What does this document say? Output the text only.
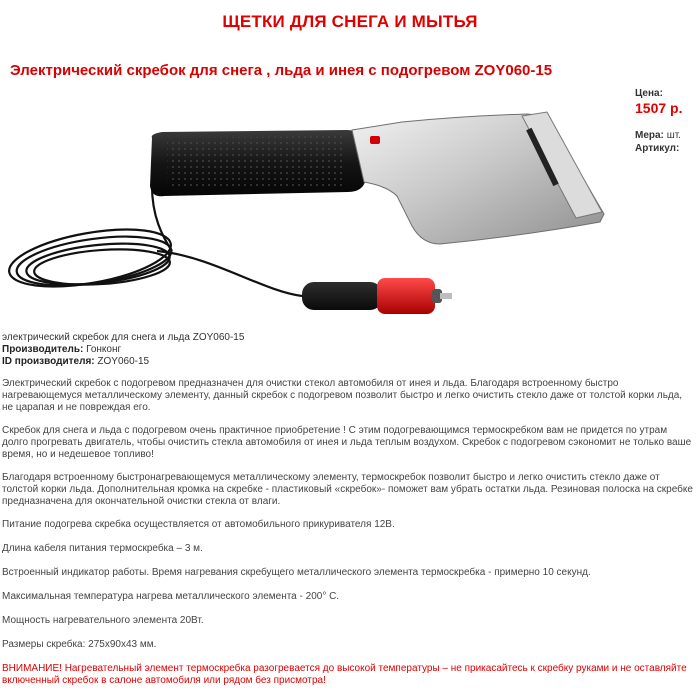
ЩЕТКИ ДЛЯ СНЕГА И МЫТЬЯ
Электрический скребок для снега , льда и инея с подогревом ZOY060-15
Цена:
1507 р.
Мера: шт.
Артикул:
электрический скребок для снега и льда ZOY060-15
Производитель: Гонконг
ID производителя: ZOY060-15

Электрический скребок с подогревом предназначен для очистки стекол автомобиля от инея и льда. Благодаря встроенному быстро нагревающемуся металлическому элементу, данный скребок с подогревом позволит быстро и легко очистить стекло даже от толстой корки льда, не царапая и не повреждая его.

Скребок для снега и льда с подогревом очень практичное приобретение ! С этим подогревающимся термоскребком вам не придется по утрам долго прогревать двигатель, чтобы очистить стекла автомобиля от инея и льда теплым воздухом. Скребок с подогревом сэкономит не только ваше время, но и недешевое топливо!

Благодаря встроенному быстронагревающемуся металлическому элементу, термоскребок позволит быстро и легко очистить стекло даже от толстой корки льда. Дополнительная кромка на скребке - пластиковый «скребок»- поможет вам убрать остатки льда. Резиновая полоска на скребке предназначена для окончательной очистки стекла от влаги.

Питание подогрева скребка осуществляется от автомобильного прикуривателя 12В.

Длина кабеля питания термоскребка – 3 м.

Встроенный индикатор работы. Время нагревания скребущего металлического элемента термоскребка - примерно 10 секунд.

Максимальная температура нагрева металлического элемента - 200° С.

Мощность нагревательного элемента 20Вт.

Размеры скребка: 275х90х43 мм.

ВНИМАНИЕ! Нагревательный элемент термоскребка разогревается до высокой температуры – не прикасайтесь к скребку руками и не оставляйте включенный скребок в салоне автомобиля или рядом без присмотра!
